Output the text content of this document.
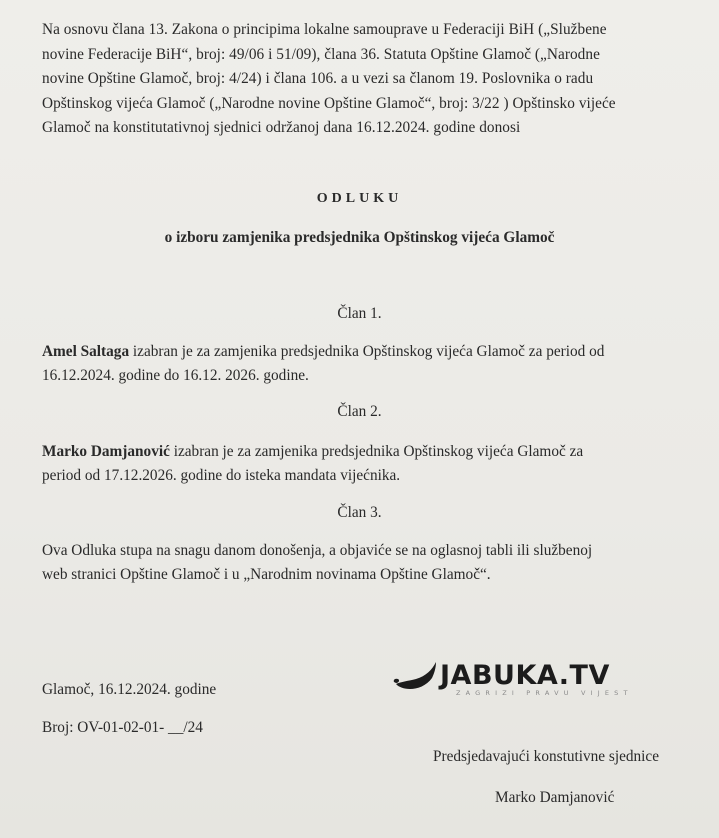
Na osnovu člana 13. Zakona o principima lokalne samouprave u Federaciji BiH („Službene
novine Federacije BiH“, broj: 49/06 i 51/09), člana 36. Statuta Opštine Glamoč („Narodne
novine Opštine Glamoč, broj: 4/24) i člana 106. a u vezi sa članom 19. Poslovnika o radu
Opštinskog vijeća Glamoč („Narodne novine Opštine Glamoč“, broj: 3/22 ) Opštinsko vijeće
Glamoč na konstitutativnoj sjednici održanoj dana 16.12.2024. godine donosi
ODLUKU
o izboru zamjenika predsjednika Opštinskog vijeća Glamoč
Član 1.
Amel Saltaga izabran je za zamjenika predsjednika Opštinskog vijeća Glamoč za period od
16.12.2024. godine do 16.12. 2026. godine.
Član 2.
Marko Damjanović izabran je za zamjenika predsjednika Opštinskog vijeća Glamoč za
period od 17.12.2026. godine do isteka mandata vijećnika.
Član 3.
Ova Odluka stupa na snagu danom donošenja, a objaviće se na oglasnoj tabli ili službenoj
web stranici Opštine Glamoč i u „Narodnim novinama Opštine Glamoč“.
JABUKA.TV
ZAGRIZI PRAVU VIJEST
Glamoč, 16.12.2024. godine
Broj: OV-01-02-01- __/24
Predsjedavajući konstutivne sjednice
Marko Damjanović
